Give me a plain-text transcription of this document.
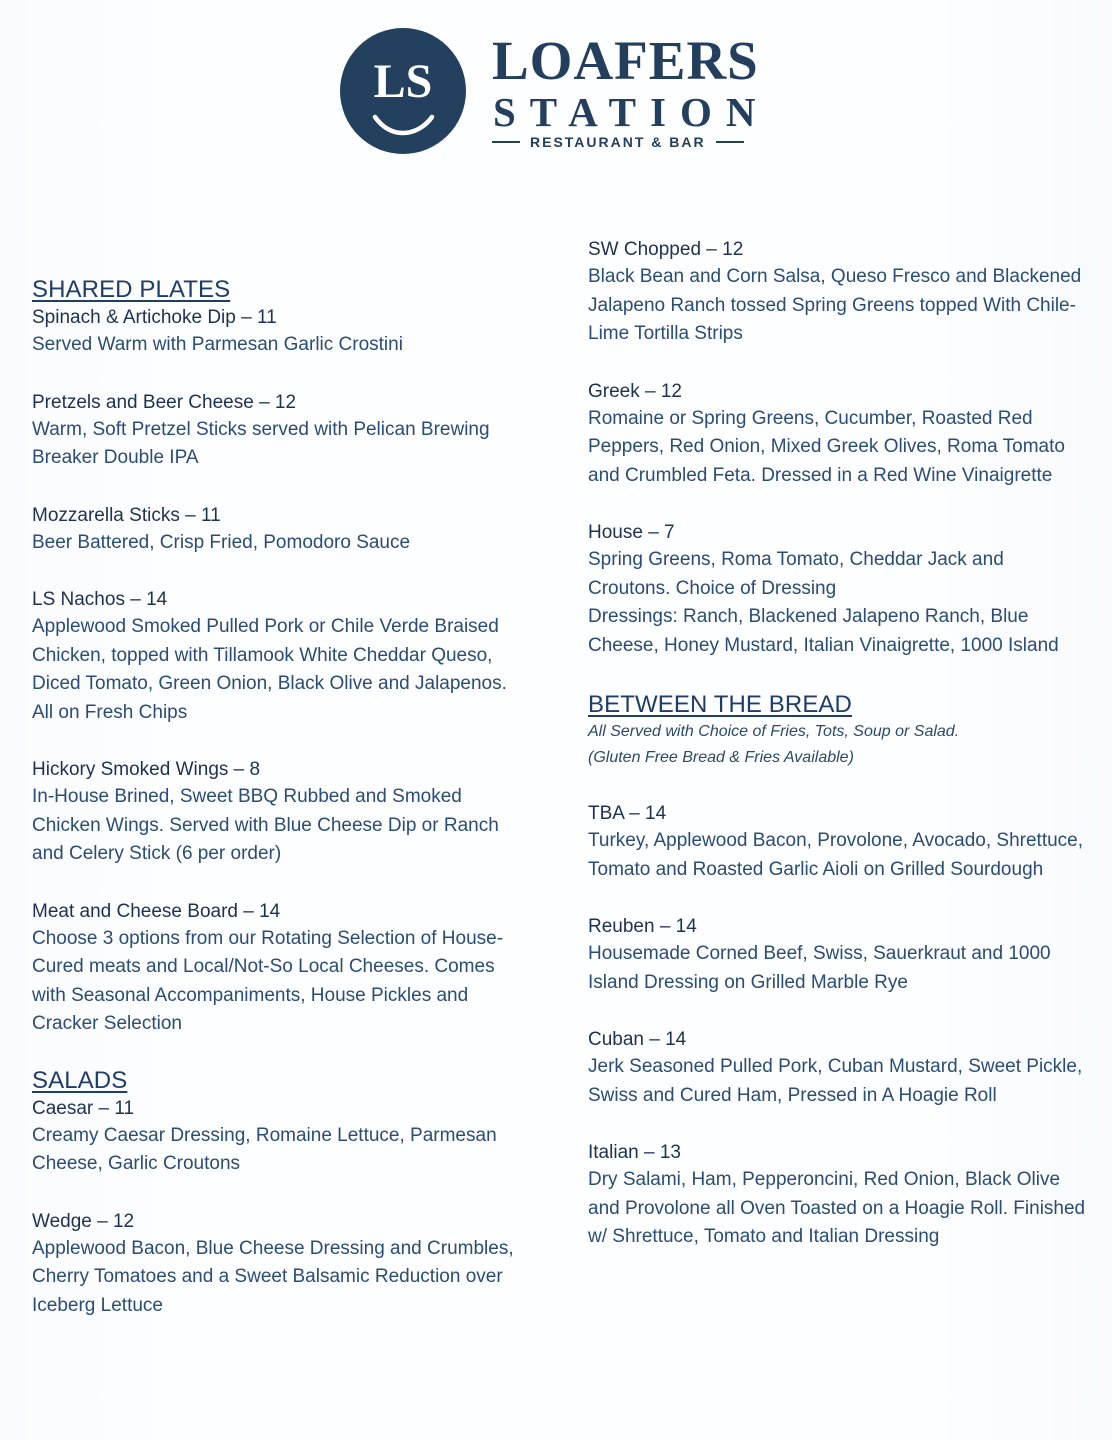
LS LOAFERS
STATION
RESTAURANT & BAR
SHARED PLATES
Spinach & Artichoke Dip – 11
Served Warm with Parmesan Garlic Crostini
Pretzels and Beer Cheese – 12
Warm, Soft Pretzel Sticks served with Pelican Brewing Breaker Double IPA
Mozzarella Sticks – 11
Beer Battered, Crisp Fried, Pomodoro Sauce
LS Nachos – 14
Applewood Smoked Pulled Pork or Chile Verde Braised Chicken, topped with Tillamook White Cheddar Queso, Diced Tomato, Green Onion, Black Olive and Jalapenos. All on Fresh Chips
Hickory Smoked Wings – 8
In-House Brined, Sweet BBQ Rubbed and Smoked Chicken Wings. Served with Blue Cheese Dip or Ranch and Celery Stick (6 per order)
Meat and Cheese Board – 14
Choose 3 options from our Rotating Selection of House-Cured meats and Local/Not-So Local Cheeses. Comes with Seasonal Accompaniments, House Pickles and Cracker Selection
SALADS
Caesar – 11
Creamy Caesar Dressing, Romaine Lettuce, Parmesan Cheese, Garlic Croutons
Wedge – 12
Applewood Bacon, Blue Cheese Dressing and Crumbles, Cherry Tomatoes and a Sweet Balsamic Reduction over Iceberg Lettuce
SW Chopped – 12
Black Bean and Corn Salsa, Queso Fresco and Blackened Jalapeno Ranch tossed Spring Greens topped With Chile-Lime Tortilla Strips
Greek – 12
Romaine or Spring Greens, Cucumber, Roasted Red Peppers, Red Onion, Mixed Greek Olives, Roma Tomato and Crumbled Feta. Dressed in a Red Wine Vinaigrette
House – 7
Spring Greens, Roma Tomato, Cheddar Jack and Croutons. Choice of Dressing
Dressings: Ranch, Blackened Jalapeno Ranch, Blue Cheese, Honey Mustard, Italian Vinaigrette, 1000 Island
BETWEEN THE BREAD
All Served with Choice of Fries, Tots, Soup or Salad.
(Gluten Free Bread & Fries Available)
TBA – 14
Turkey, Applewood Bacon, Provolone, Avocado, Shrettuce, Tomato and Roasted Garlic Aioli on Grilled Sourdough
Reuben – 14
Housemade Corned Beef, Swiss, Sauerkraut and 1000 Island Dressing on Grilled Marble Rye
Cuban – 14
Jerk Seasoned Pulled Pork, Cuban Mustard, Sweet Pickle, Swiss and Cured Ham, Pressed in A Hoagie Roll
Italian – 13
Dry Salami, Ham, Pepperoncini, Red Onion, Black Olive and Provolone all Oven Toasted on a Hoagie Roll. Finished w/ Shrettuce, Tomato and Italian Dressing
